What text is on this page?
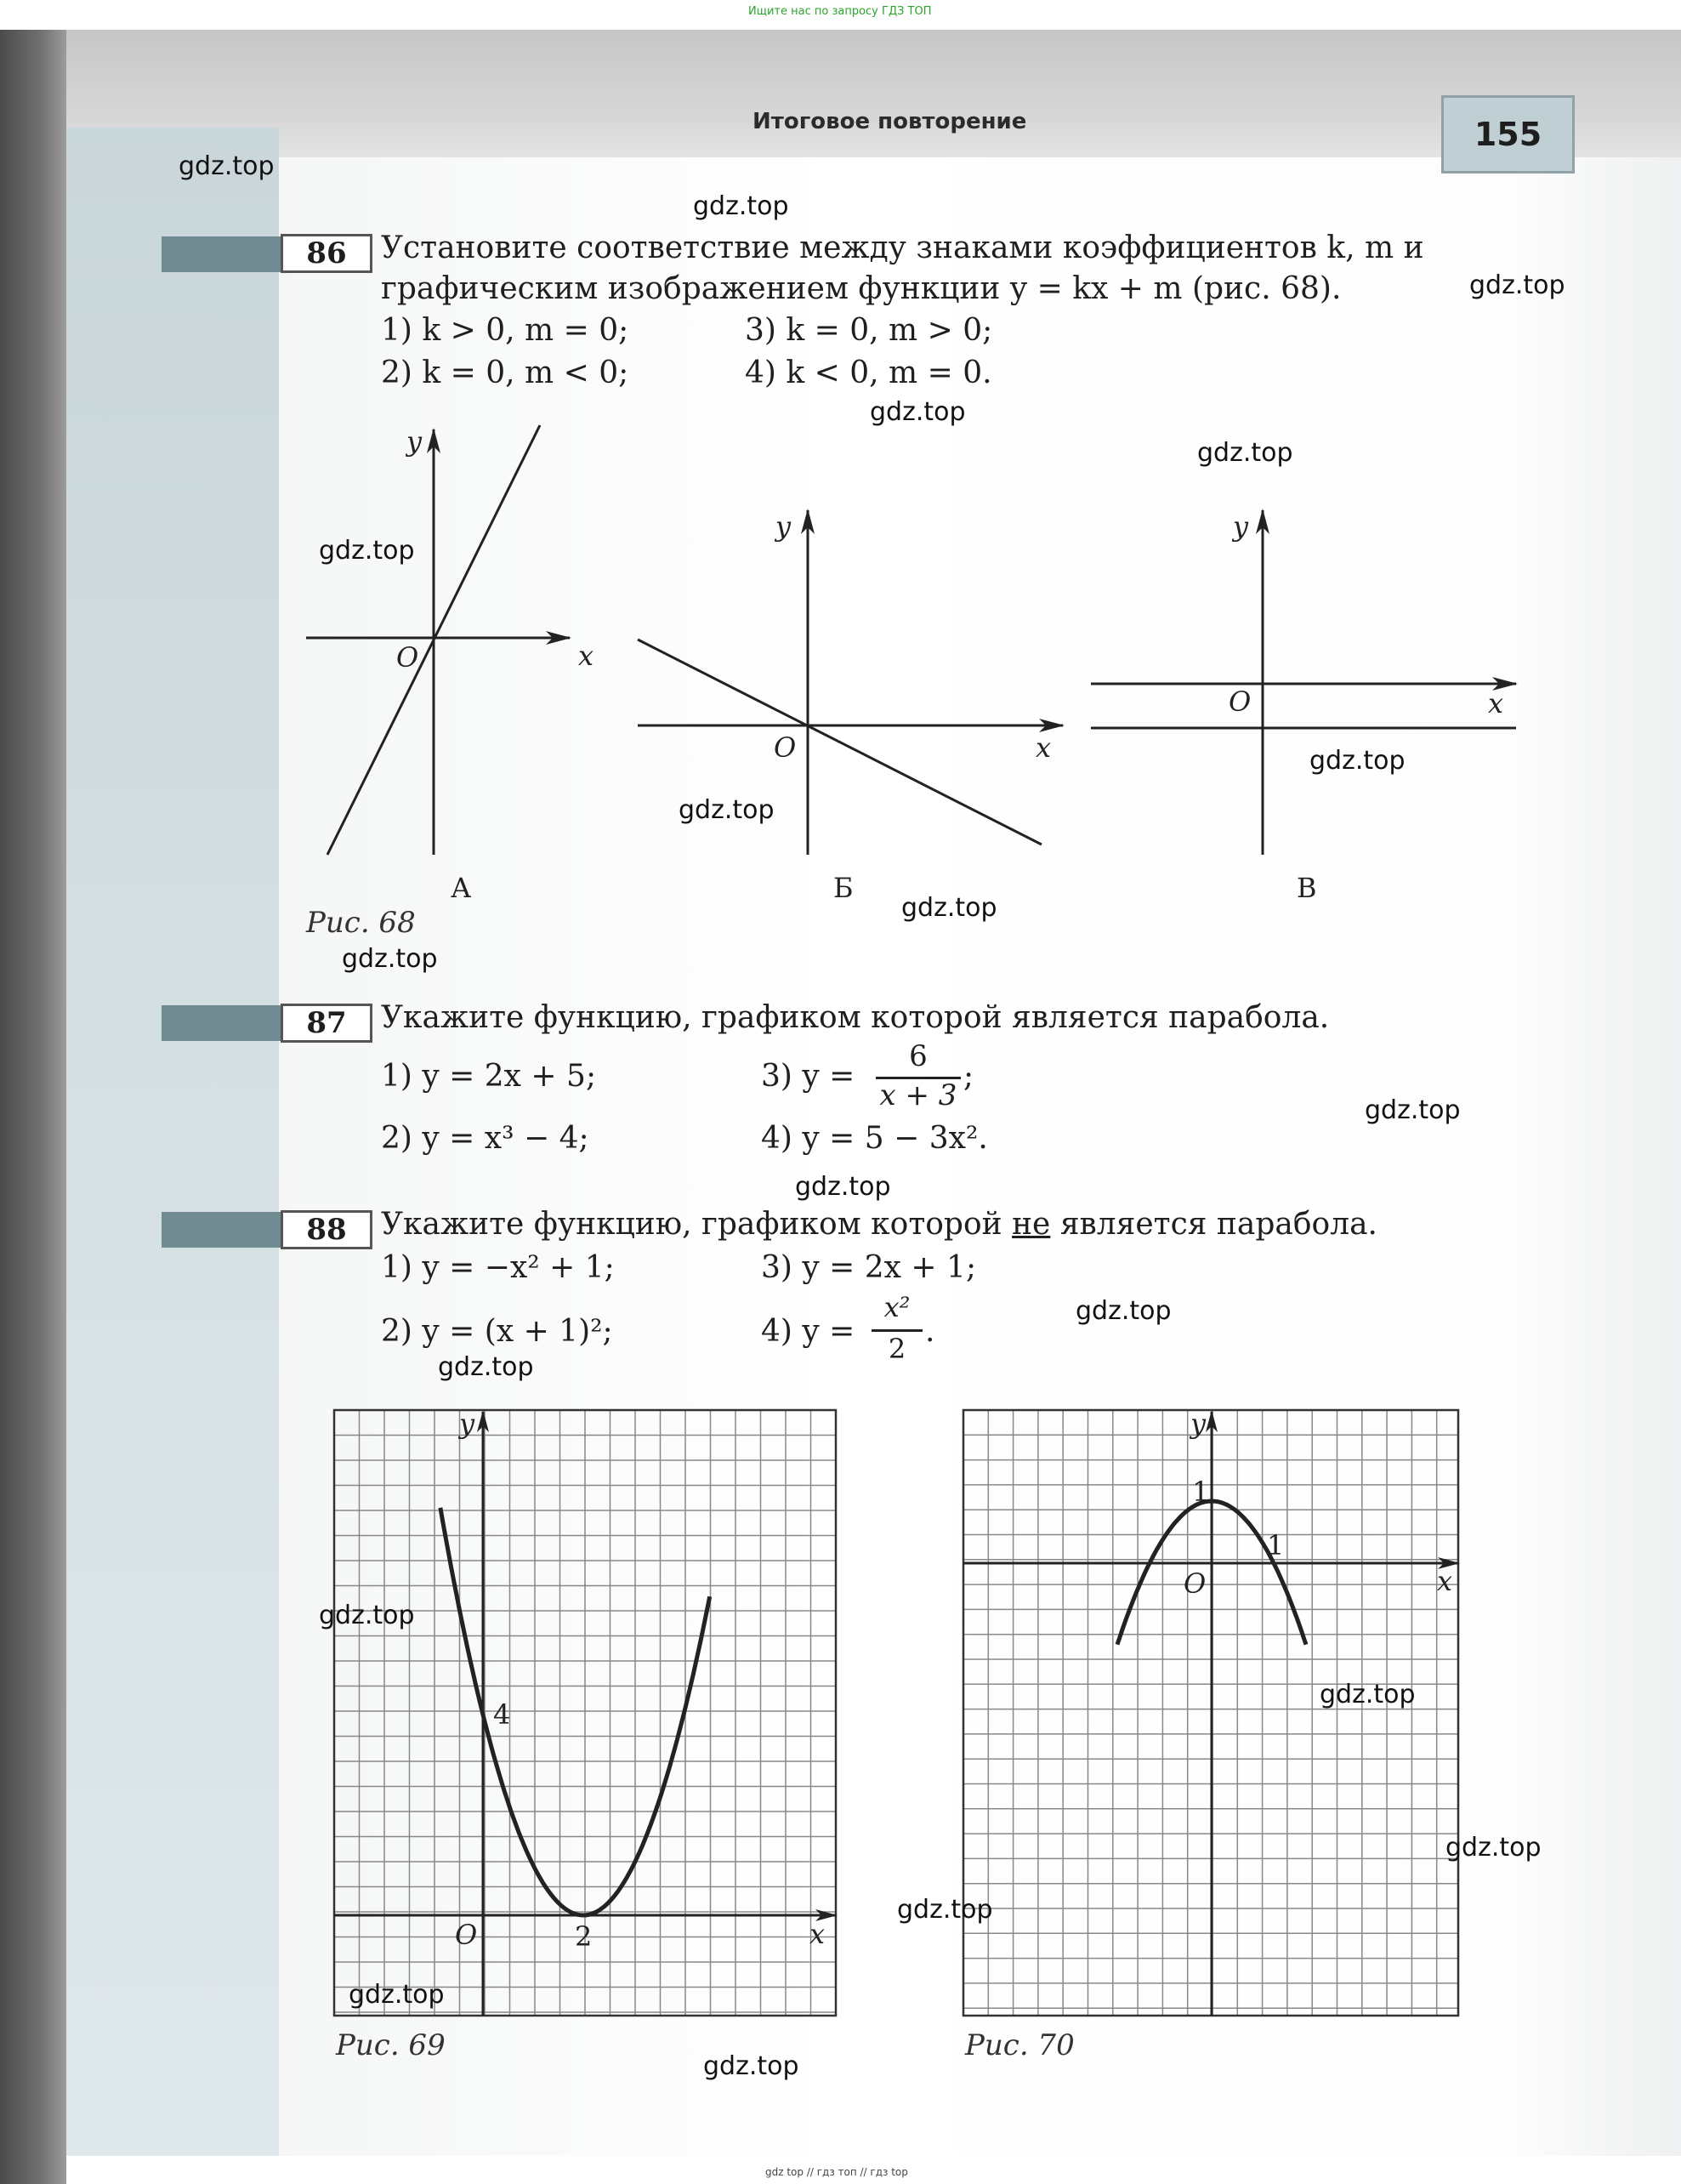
Ищите нас по запросу ГДЗ ТОП
Итоговое повторение	155
86	Установите соответствие между знаками коэффициентов k, m и
графическим изображением функции y = kx + m (рис. 68).
1) k > 0, m = 0;
2) k = 0, m < 0;
3) k = 0, m > 0;
4) k < 0, m = 0.
y
x
O
y
x
O
y
x
O
А	Б	В
Рис. 68
87	Укажите функцию, графиком которой является парабола.
1) y = 2x + 5;
2) y = x³ − 4;
3) y =
6
x + 3
;
4) y = 5 − 3x².
88	Укажите функцию, графиком которой не является парабола.
1) y = −x² + 1;
2) y = (x + 1)²;
3) y = 2x + 1;
4) y =
x²
2 .
y
x
O
4
2
Рис. 69
y
x
O
1
1
Рис. 70
gdz.top
gdz.top
gdz.top
gdz.top
gdz.top
gdz.top
gdz.top
gdz.top
gdz.top
gdz.top
gdz.top
gdz.top
gdz.top
gdz.top
gdz.top
gdz.top
gdz.top
gdz.top
gdz.top
gdz.top
gdz top // гдз топ // гдз top
